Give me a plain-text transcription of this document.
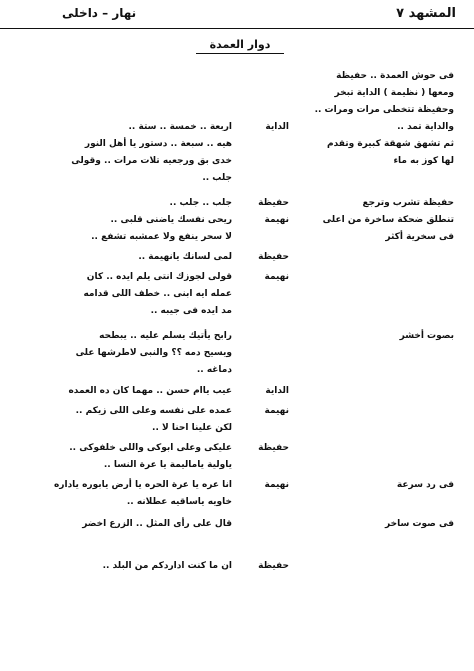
المشهد ٧
نهار – داخلى
دوار العمدة
فى حوش العمدة .. حفيظة
ومعها ( نظيمة ) الداية تبخر
وحفيظة تتخطى مرات ومرات ..
والداية تمد ..
ثم تشهق شهقة كبيرة وتقدم
لها كوز به ماء
الداية
اربعة .. خمسة .. ستة ..
هيه .. سبعة .. دستور يا أهل النور
خدى بق ورجعيه تلات مرات .. وقولى
جلب ..
حفيظة تشرب وترجع
حفيظة
جلب .. جلب ..
تنطلق ضحكة ساخرة من اعلى
نهيمة
ريحى نفسك ياضنى قلبى ..
فى سخرية أكثر
لا سحر ينفع ولا عمشبه تشفع ..
حفيظة
لمى لسانك يانهيمة ..
نهيمة
قولى لجوزك انتى يلم ايده .. كان
عمله ايه ابنى .. خطف اللى قدامه
مد ايده فى جيبه ..
بصوت أخشر
رابح يأتيك يسلم عليه .. يبطحه
ويسيح دمه ؟؟ والنبى لاطرشها على
دماغه ..
الداية
عيب ياام حسن .. مهما كان ده العمده
نهيمة
عمده على نفسه وعلى اللى زيكم ..
لكن علينا احنا لا ..
حفيظة
عليكى وعلى ابوكى واللى خلفوكى ..
ياولية ياماليمة يا عرة النسا ..
فى رد سرعة
نهيمة
انا عره يا عرة الحره يا أرض يابوره ياداره
خاويه ياساقيه عطلانه ..
فى صوت ساخر
قال على رأى المثل .. الزرع اخضر
حفيظة
ان ما كنت اداردكم من البلد ..
